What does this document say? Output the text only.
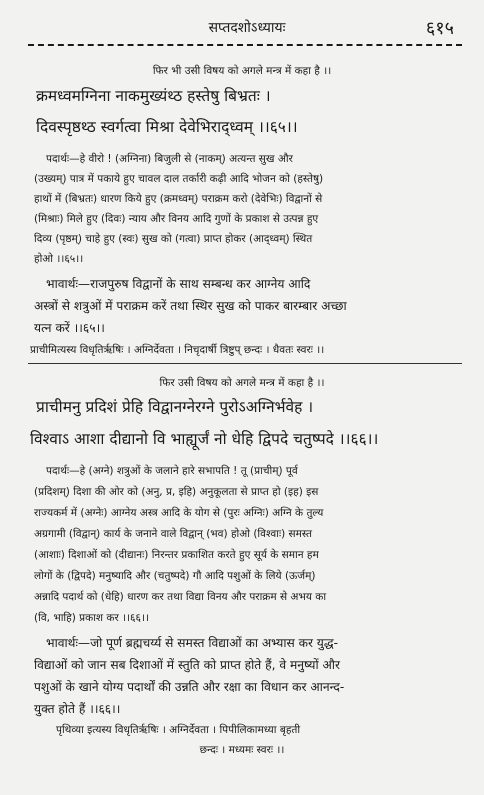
सप्तदशोऽध्यायः	६१५
फिर भी उसी विषय को अगले मन्त्र में कहा है ।।
क्रमध्वमग्निना नाकमुख्यंथ्ठ हस्तेषु बिभ्रतः ।
दिवस्पृष्ठथ्ठ स्वर्गत्वा मिश्रा देवेभिराद्ध्वम् ।।६५।।
पदार्थः—हे वीरो ! (अग्निना) बिजुली से (नाकम्) अत्यन्त सुख और
(उख्यम्) पात्र में पकाये हुए चावल दाल तर्कारी कढ़ी आदि भोजन को (हस्तेषु)
हाथों में (बिभ्रतः) धारण किये हुए (क्रमध्वम्) पराक्रम करो (देवेभिः) विद्वानों से
(मिश्राः) मिले हुए (दिवः) न्याय और विनय आदि गुणों के प्रकाश से उत्पन्न हुए
दिव्य (पृष्ठम्) चाहे हुए (स्वः) सुख को (गत्वा) प्राप्त होकर (आद्ध्वम्) स्थित
होओ ।।६५।।
भावार्थः—राजपुरुष विद्वानों के साथ सम्बन्ध कर आग्नेय आदि
अस्त्रों से शत्रुओं में पराक्रम करें तथा स्थिर सुख को पाकर बारम्बार अच्छा
यत्न करें ।।६५।।
प्राचीमित्यस्य विधृतिर्ऋषिः । अग्निर्देवता । निचृदार्षी त्रिष्टुप् छन्दः । धैवतः स्वरः ।।
फिर उसी विषय को अगले मन्त्र में कहा है ।।
प्राचीमनु प्रदिशं प्रेहि विद्वानग्नेरग्ने पुरोऽअग्निर्भवेह ।
विश्वाऽ आशा दीद्यानो वि भाह्यूर्जं नो धेहि द्विपदे चतुष्पदे ।।६६।।
पदार्थः—हे (अग्ने) शत्रुओं के जलाने हारे सभापति ! तू (प्राचीम्) पूर्व
(प्रदिशम्) दिशा की ओर को (अनु, प्र, इहि) अनुकूलता से प्राप्त हो (इह) इस
राज्यकर्म में (अग्नेः) आग्नेय अस्त्र आदि के योग से (पुरः अग्निः) अग्नि के तुल्य
अग्रगामी (विद्वान्) कार्य के जनाने वाले विद्वान् (भव) होओ (विश्वाः) समस्त
(आशाः) दिशाओं को (दीद्यानः) निरन्तर प्रकाशित करते हुए सूर्य के समान हम
लोगों के (द्विपदे) मनुष्यादि और (चतुष्पदे) गौ आदि पशुओं के लिये (ऊर्जम्)
अन्नादि पदार्थ को (धेहि) धारण कर तथा विद्या विनय और पराक्रम से अभय का
(वि, भाहि) प्रकाश कर ।।६६।।
भावार्थः—जो पूर्ण ब्रह्मचर्य्य से समस्त विद्याओं का अभ्यास कर युद्ध-
विद्याओं को जान सब दिशाओं में स्तुति को प्राप्त होते हैं, वे मनुष्यों और
पशुओं के खाने योग्य पदार्थों की उन्नति और रक्षा का विधान कर आनन्द-
युक्त होते हैं ।।६६।।
पृथिव्या इत्यस्य विधृतिर्ऋषिः । अग्निर्देवता । पिपीलिकामध्या बृहती
छन्दः । मध्यमः स्वरः ।।
